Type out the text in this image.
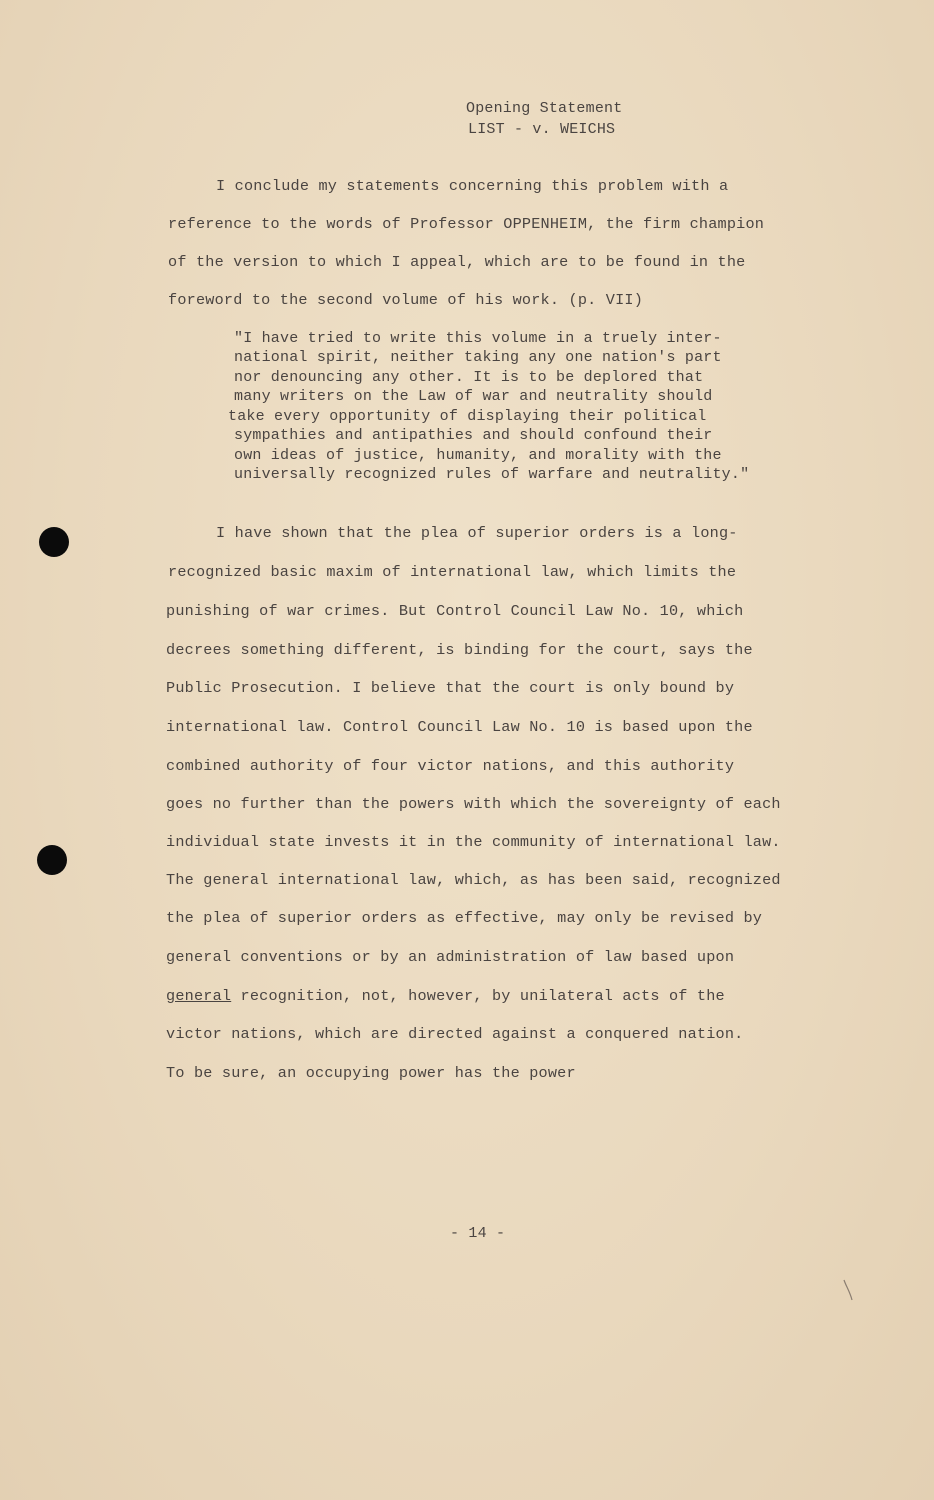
Opening Statement
LIST - v. WEICHS
I conclude my statements concerning this problem with a
reference to the words of Professor OPPENHEIM, the firm champion
of the version to which I appeal, which are to be found in the
foreword to the second volume of his work. (p. VII)
"I have tried to write this volume in a truely inter-
national spirit, neither taking any one nation's part
nor denouncing any other. It is to be deplored that
many writers on the Law of war and neutrality should
take every opportunity of displaying their political
sympathies and antipathies and should confound their
own ideas of justice, humanity, and morality with the
universally recognized rules of warfare and neutrality."
I have shown that the plea of superior orders is a long-
recognized basic maxim of international law, which limits the
punishing of war crimes. But Control Council Law No. 10, which
decrees something different, is binding for the court, says the
Public Prosecution. I believe that the court is only bound by
international law. Control Council Law No. 10 is based upon the
combined authority of four victor nations, and this authority
goes no further than the powers with which the sovereignty of each
individual state invests it in the community of international law.
The general international law, which, as has been said, recognized
the plea of superior orders as effective, may only be revised by
general conventions or by an administration of law based upon
general recognition, not, however, by unilateral acts of the
victor nations, which are directed against a conquered nation.
To be sure, an occupying power has the power
- 14 -
